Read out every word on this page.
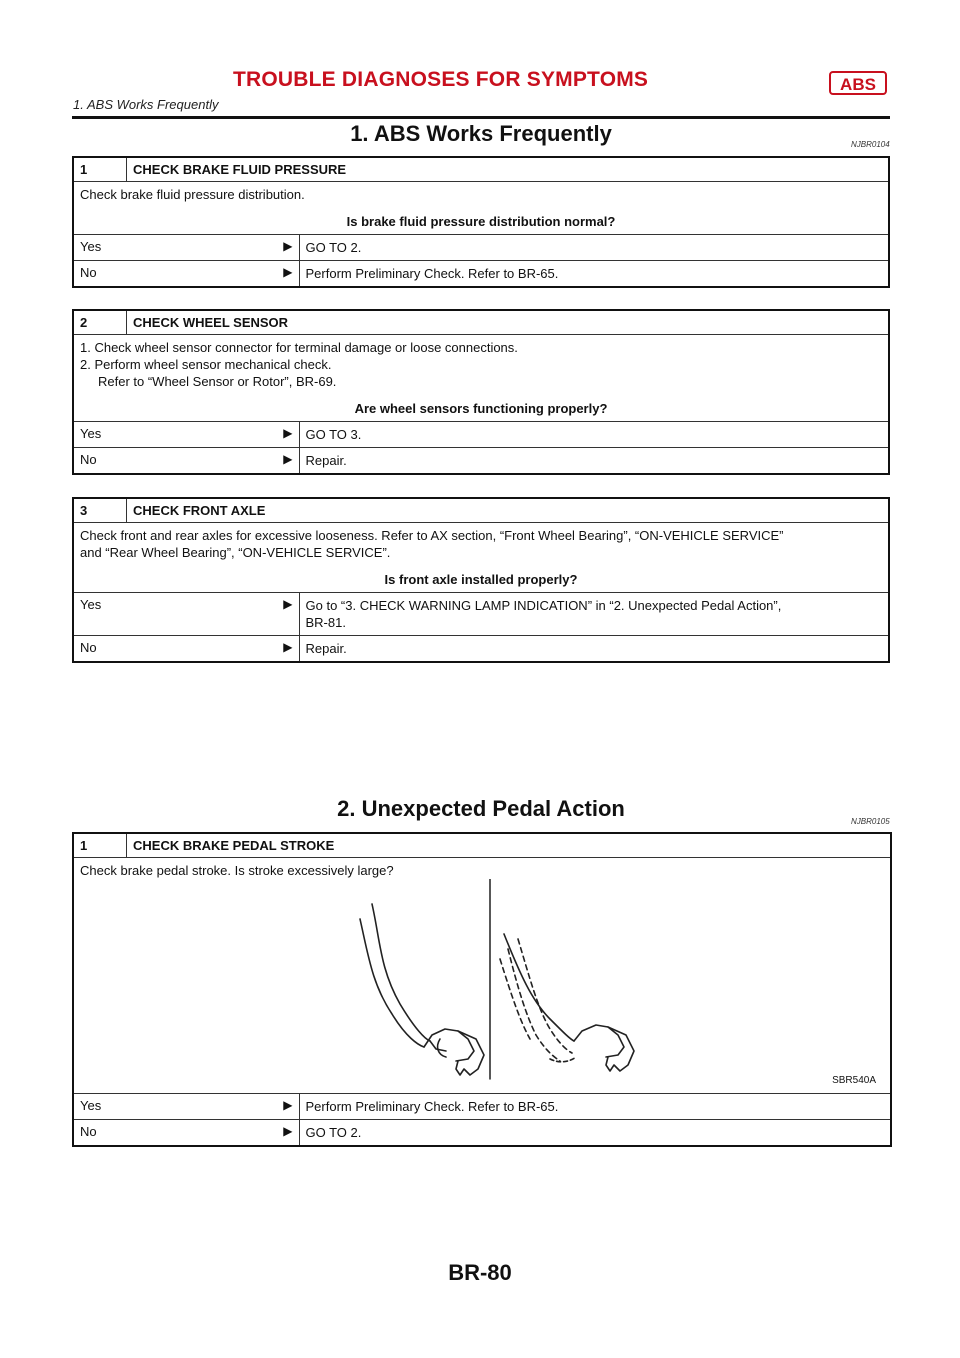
TROUBLE DIAGNOSES FOR SYMPTOMS	ABS
1. ABS Works Frequently
1. ABS Works Frequently	NJBR0104
1	CHECK BRAKE FLUID PRESSURE	

Check brake fluid pressure distribution.
Is brake fluid pressure distribution normal?		

Yes	▶	GO TO 2.
No	▶	Perform Preliminary Check. Refer to BR-65.
2	CHECK WHEEL SENSOR	

1. Check wheel sensor connector for terminal damage or loose connections.
2. Perform wheel sensor mechanical check.
Refer to “Wheel Sensor or Rotor”, BR-69.
Are wheel sensors functioning properly?		

Yes	▶	GO TO 3.
No	▶	Repair.
3	CHECK FRONT AXLE	

Check front and rear axles for excessive looseness. Refer to AX section, “Front Wheel Bearing”, “ON-VEHICLE SERVICE”
and “Rear Wheel Bearing”, “ON-VEHICLE SERVICE”.
Is front axle installed properly?		

Yes	▶	Go to “3. CHECK WARNING LAMP INDICATION” in “2. Unexpected Pedal Action”,
BR-81.

No	▶	Repair.
2. Unexpected Pedal Action
NJBR0105
1	CHECK BRAKE PEDAL STROKE	

Check brake pedal stroke. Is stroke excessively large?
SBR540A		

Yes	▶	Perform Preliminary Check. Refer to BR-65.
No	▶	GO TO 2.
BR-80
